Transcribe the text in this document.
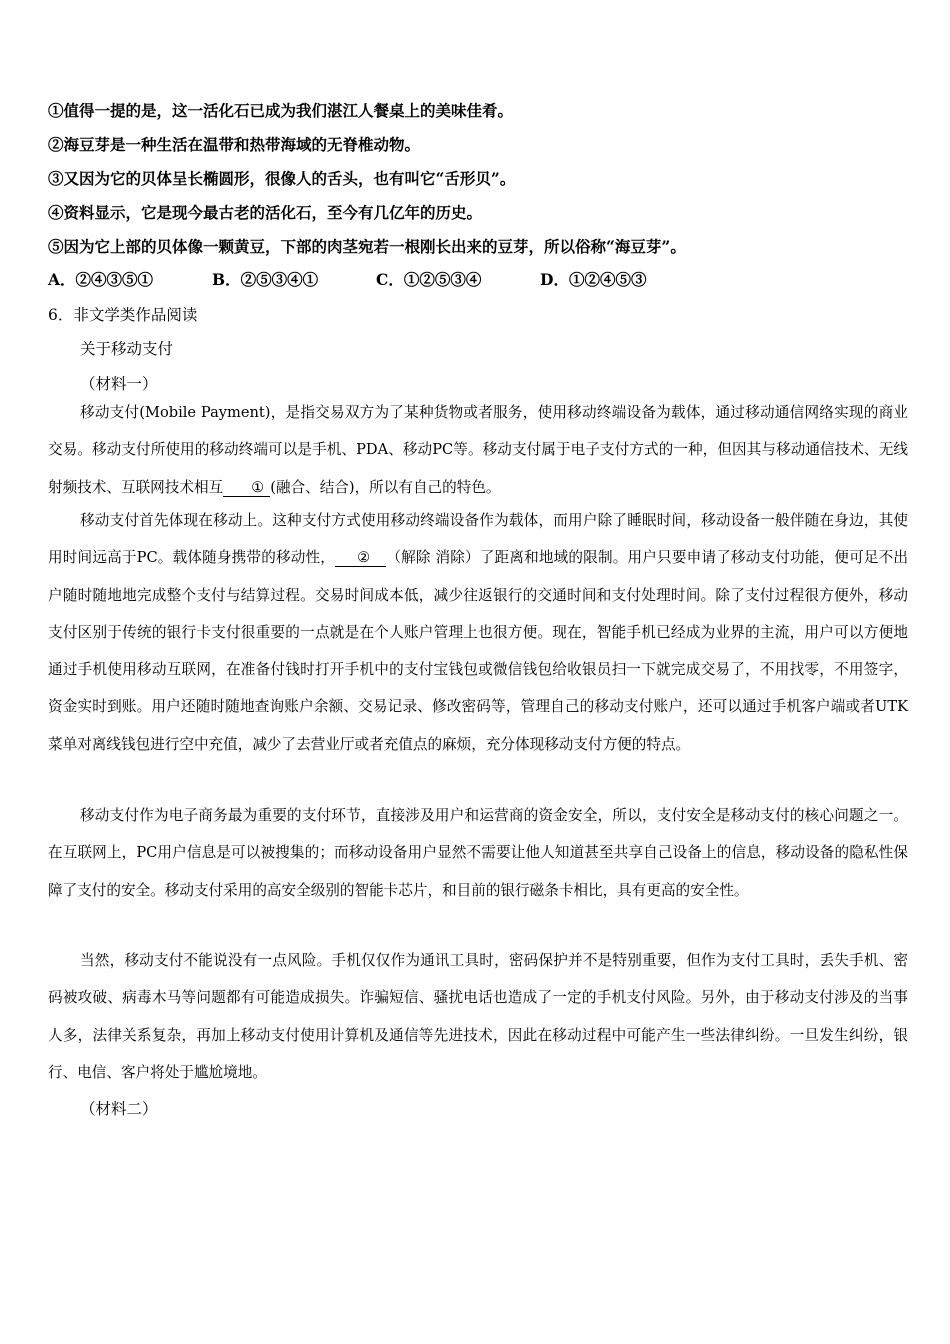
①值得一提的是，这一活化石已成为我们湛江人餐桌上的美味佳肴。
②海豆芽是一种生活在温带和热带海域的无脊椎动物。
③又因为它的贝体呈长椭圆形，很像人的舌头，也有叫它“舌形贝”。
④资料显示，它是现今最古老的活化石，至今有几亿年的历史。
⑤因为它上部的贝体像一颗黄豆，下部的肉茎宛若一根刚长出来的豆芽，所以俗称“海豆芽”。
A．②④③⑤①	B．②⑤③④①	C．①②⑤③④	D．①②④⑤③
6．非文学类作品阅读
关于移动支付
（材料一）
移动支付(Mobile Payment)，是指交易双方为了某种货物或者服务，使用移动终端设备为载体，通过移动通信网络实现的商业交易。移动支付所使用的移动终端可以是手机、PDA、移动PC等。移动支付属于电子支付方式的一种，但因其与移动通信技术、无线射频技术、互联网技术相互 ① (融合、结合)，所以有自己的特色。
移动支付首先体现在移动上。这种支付方式使用移动终端设备作为载体，而用户除了睡眠时间，移动设备一般伴随在身边，其使用时间远高于PC。载体随身携带的移动性， ② （解除 消除）了距离和地域的限制。用户只要申请了移动支付功能，便可足不出户随时随地地完成整个支付与结算过程。交易时间成本低，减少往返银行的交通时间和支付处理时间。除了支付过程很方便外，移动支付区别于传统的银行卡支付很重要的一点就是在个人账户管理上也很方便。现在，智能手机已经成为业界的主流，用户可以方便地通过手机使用移动互联网，在准备付钱时打开手机中的支付宝钱包或微信钱包给收银员扫一下就完成交易了，不用找零，不用签字，资金实时到账。用户还随时随地查询账户余额、交易记录、修改密码等，管理自己的移动支付账户，还可以通过手机客户端或者UTK菜单对离线钱包进行空中充值，减少了去营业厅或者充值点的麻烦，充分体现移动支付方便的特点。
移动支付作为电子商务最为重要的支付环节，直接涉及用户和运营商的资金安全，所以，支付安全是移动支付的核心问题之一。在互联网上，PC用户信息是可以被搜集的；而移动设备用户显然不需要让他人知道甚至共享自己设备上的信息，移动设备的隐私性保障了支付的安全。移动支付采用的高安全级别的智能卡芯片，和目前的银行磁条卡相比，具有更高的安全性。
当然，移动支付不能说没有一点风险。手机仅仅作为通讯工具时，密码保护并不是特别重要，但作为支付工具时，丢失手机、密码被攻破、病毒木马等问题都有可能造成损失。诈骗短信、骚扰电话也造成了一定的手机支付风险。另外，由于移动支付涉及的当事人多，法律关系复杂，再加上移动支付使用计算机及通信等先进技术，因此在移动过程中可能产生一些法律纠纷。一旦发生纠纷，银行、电信、客户将处于尴尬境地。
（材料二）
